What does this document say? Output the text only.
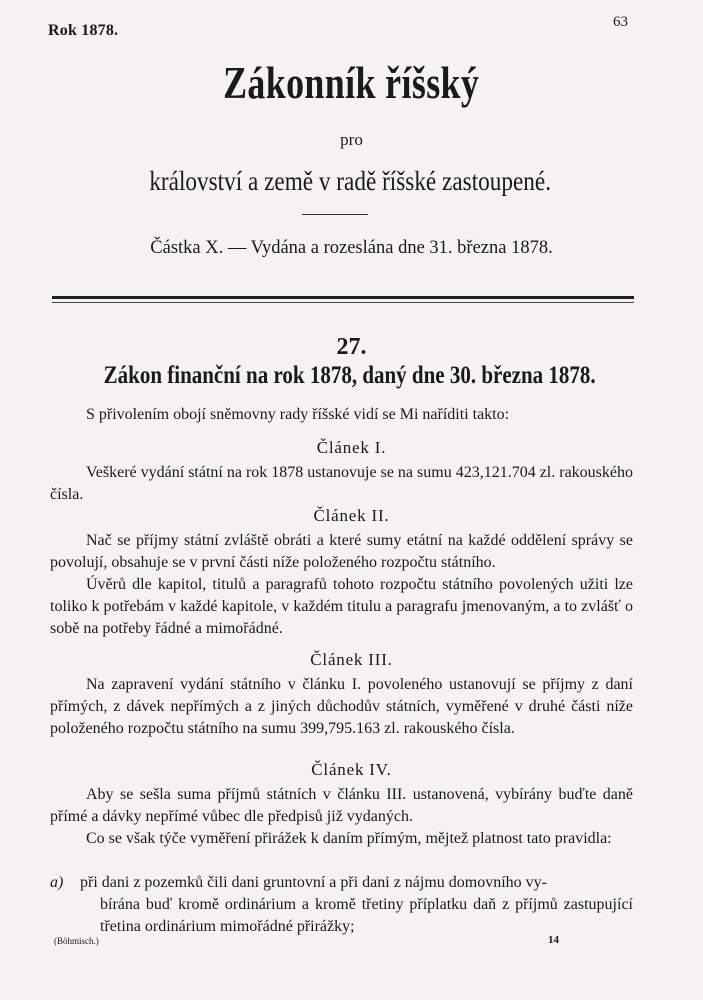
Rok 1878.	63
Zákonník říšský
pro
království a země v radě říšské zastoupené.
Částka X. — Vydána a rozeslána dne 31. března 1878.
27.
Zákon finanční na rok 1878, daný dne 30. března 1878.
S přivolením obojí sněmovny rady říšské vidí se Mi naříditi takto:
Článek I.
Veškeré vydání státní na rok 1878 ustanovuje se na sumu 423,121.704 zl. rakouského čísla.
Článek II.
Nač se příjmy státní zvláště obráti a které sumy etátní na každé oddělení správy se povolují, obsahuje se v první části níže položeného rozpočtu státního.
Úvěrů dle kapitol, titulů a paragrafů tohoto rozpočtu státního povolených užiti lze toliko k potřebám v každé kapitole, v každém titulu a paragrafu jmenovaným, a to zvlášť o sobě na potřeby řádné a mimořádné.
Článek III.
Na zapravení vydání státního v článku I. povoleného ustanovují se příjmy z daní přímých, z dávek nepřímých a z jiných důchodův státních, vyměřené v druhé části níže položeného rozpočtu státního na sumu 399,795.163 zl. rakouského čísla.
Článek IV.
Aby se sešla suma příjmů státních v článku III. ustanovená, vybírány buďte daně přímé a dávky nepřímé vůbec dle předpisů již vydaných.
Co se však týče vyměření přirážek k daním přímým, mějtež platnost tato pravidla:
a) při dani z pozemků čili dani gruntovní a při dani z nájmu domovního vy-
bírána buď kromě ordinárium a kromě třetiny příplatku daň z příjmů zastupující třetina ordinárium mimořádné přirážky;
(Böhmisch.)	14
